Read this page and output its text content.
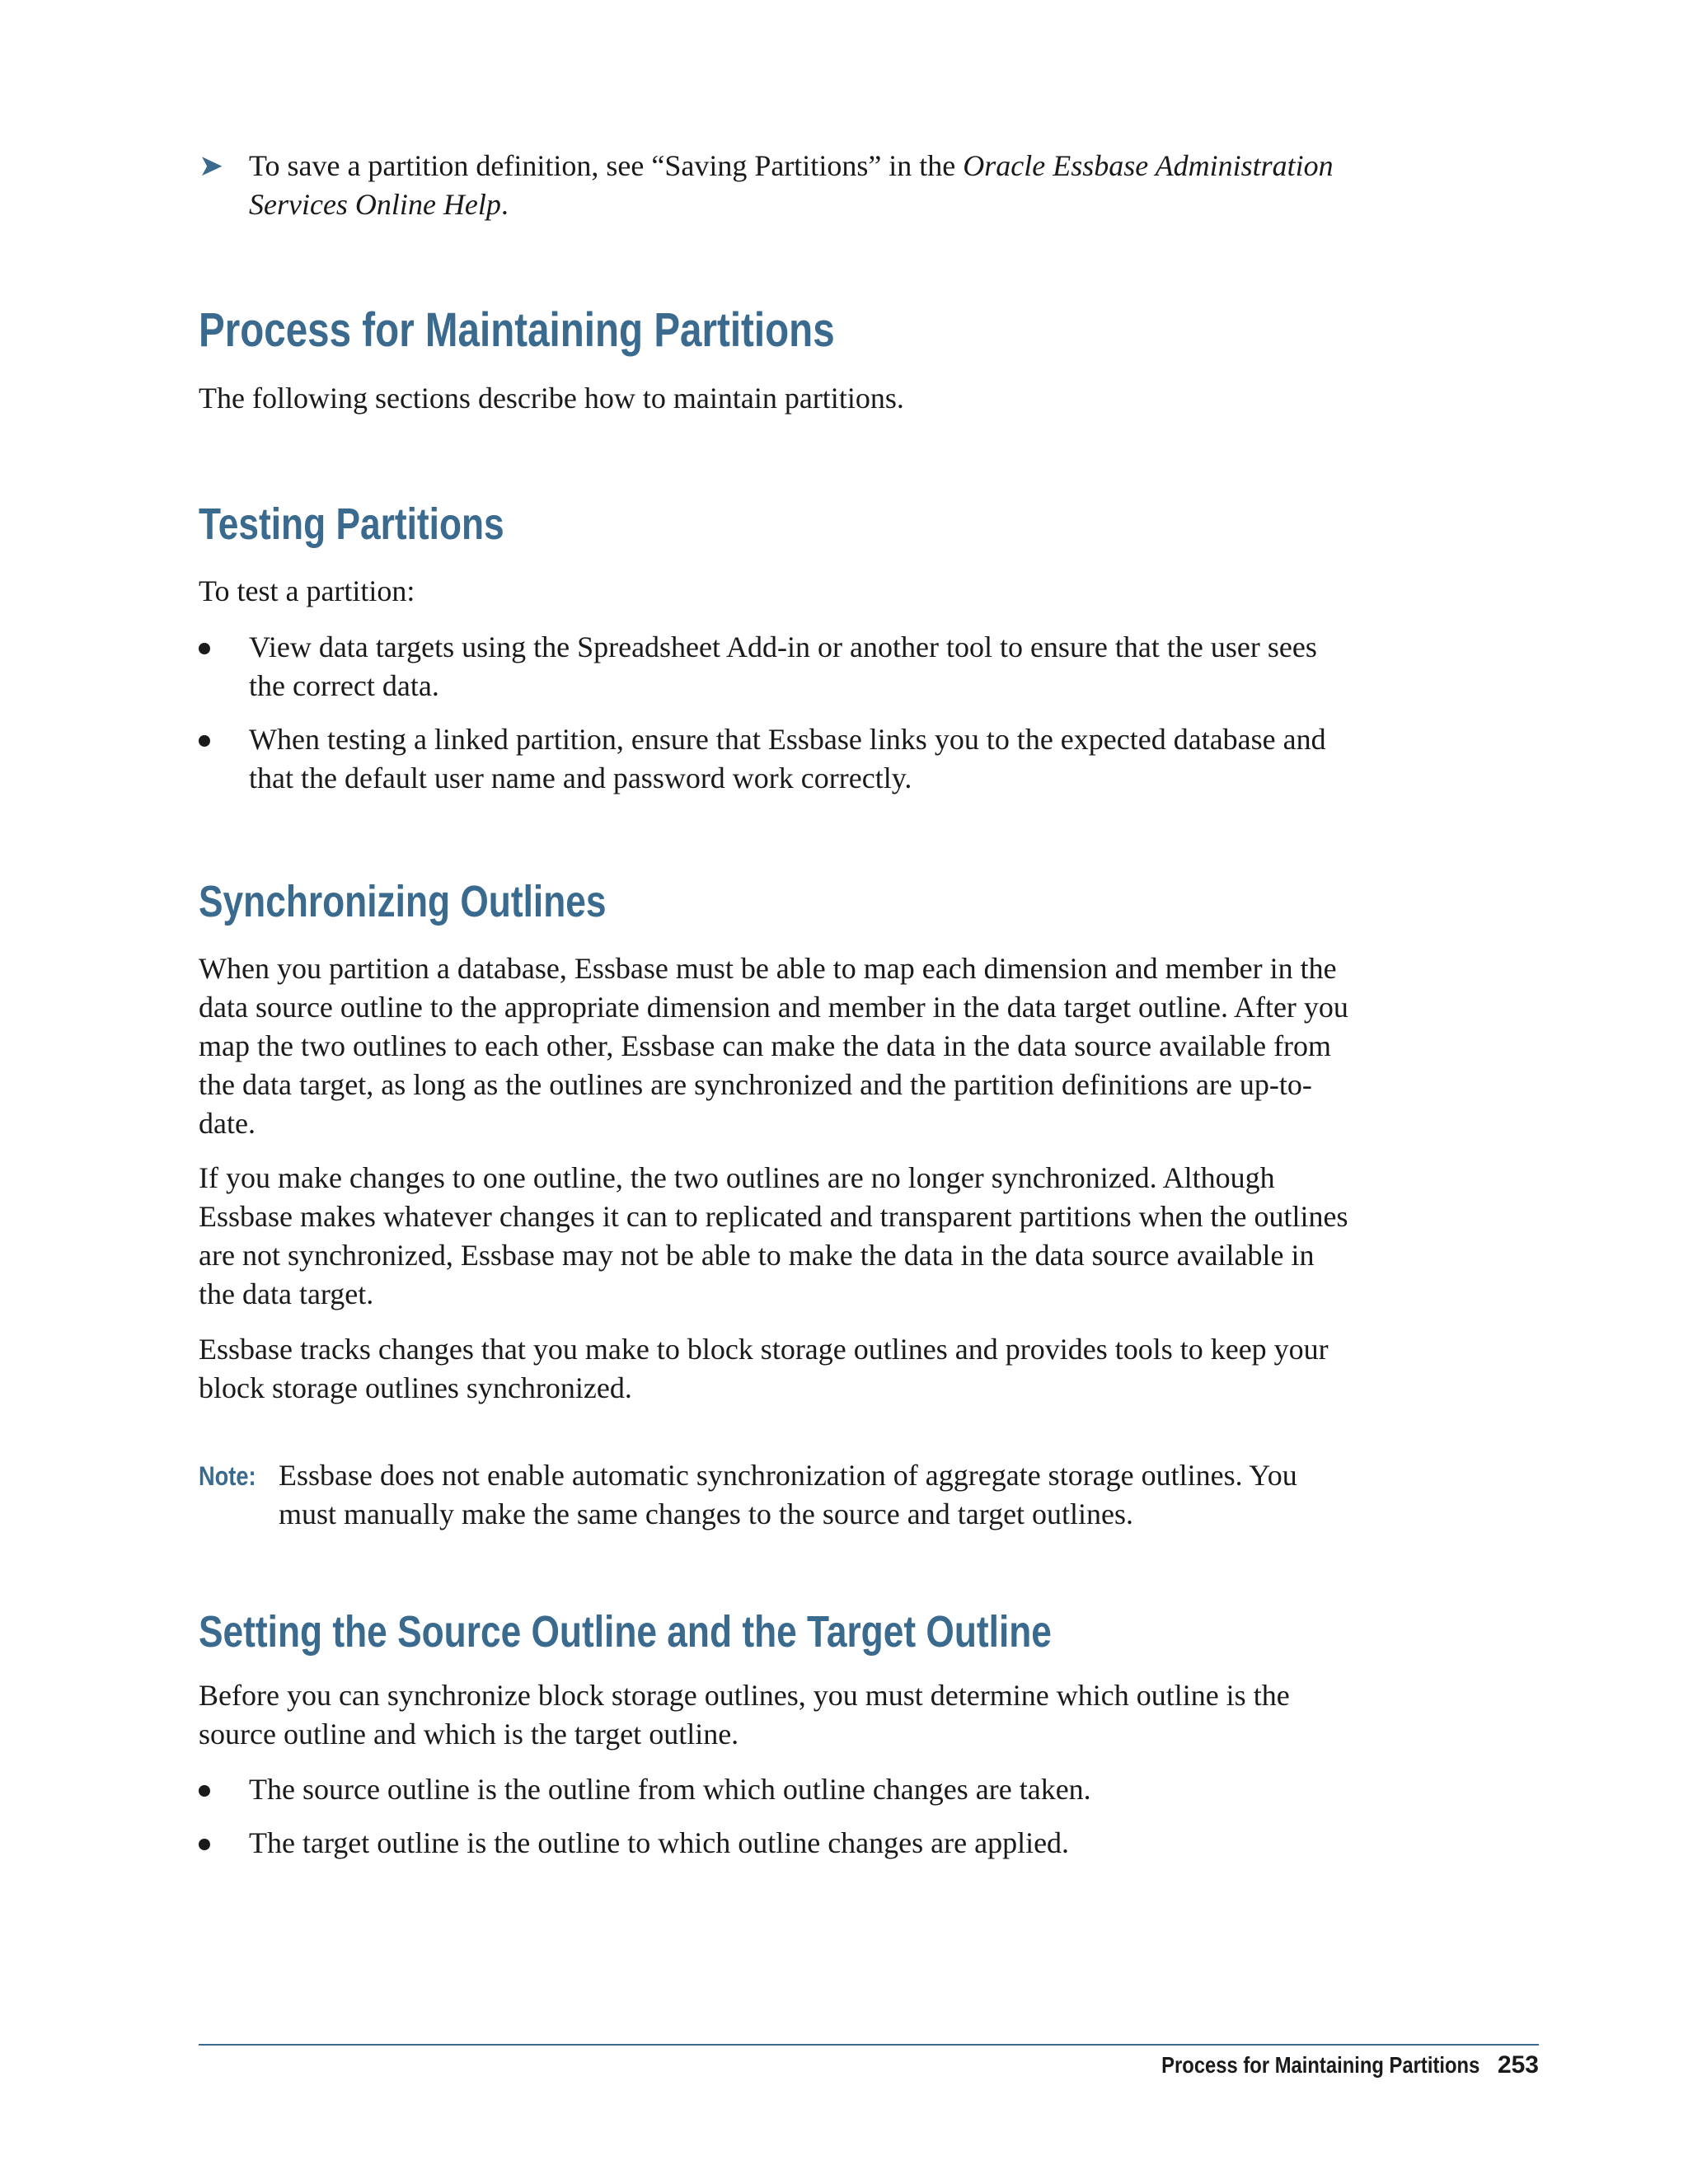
➤ To save a partition definition, see “Saving Partitions” in the Oracle Essbase Administration Services Online Help.

Process for Maintaining Partitions

The following sections describe how to maintain partitions.

Testing Partitions

To test a partition:

View data targets using the Spreadsheet Add-in or another tool to ensure that the user sees the correct data.
When testing a linked partition, ensure that Essbase links you to the expected database and that the default user name and password work correctly.
Synchronizing Outlines

When you partition a database, Essbase must be able to map each dimension and member in the data source outline to the appropriate dimension and member in the data target outline. After you map the two outlines to each other, Essbase can make the data in the data source available from the data target, as long as the outlines are synchronized and the partition definitions are up-to-date.

If you make changes to one outline, the two outlines are no longer synchronized. Although Essbase makes whatever changes it can to replicated and transparent partitions when the outlines are not synchronized, Essbase may not be able to make the data in the data source available in the data target.

Essbase tracks changes that you make to block storage outlines and provides tools to keep your block storage outlines synchronized.

Note: Essbase does not enable automatic synchronization of aggregate storage outlines. You must manually make the same changes to the source and target outlines.

Setting the Source Outline and the Target Outline

Before you can synchronize block storage outlines, you must determine which outline is the source outline and which is the target outline.

The source outline is the outline from which outline changes are taken.
The target outline is the outline to which outline changes are applied.
Process for Maintaining Partitions 253
